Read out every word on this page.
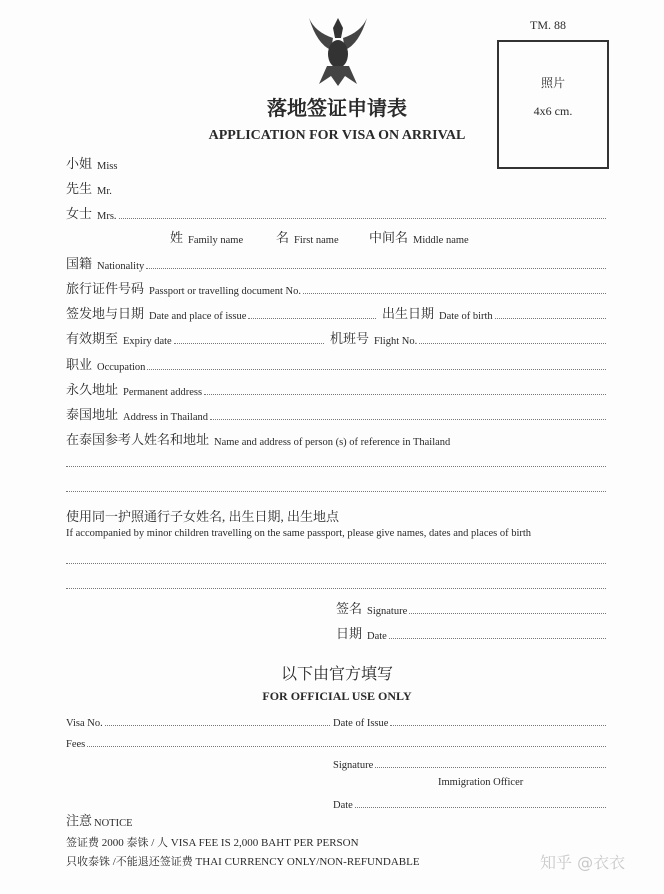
TM. 88
落地签证申请表
APPLICATION FOR VISA ON ARRIVAL
照片
4x6 cm.
小姐 Miss
先生 Mr.
女士 Mrs.
姓 Family name	名 First name 中间名 Middle name
国籍 Nationality
旅行证件号码 Passport or travelling document No.
签发地与日期 Date and place of issue	出生日期 Date of birth
有效期至 Expiry date	机班号 Flight No.
职业 Occupation
永久地址 Permanent address
泰国地址 Address in Thailand
在泰国参考人姓名和地址 Name and address of person (s) of reference in Thailand
使用同一护照通行子女姓名, 出生日期, 出生地点
If accompanied by minor children travelling on the same passport, please give names, dates and places of birth
签名 Signature
日期 Date
以下由官方填写
FOR OFFICIAL USE ONLY
Visa No.	Date of Issue
Fees
Signature
Immigration Officer
Date
注意 NOTICE
签证费 2000 泰铢 / 人 VISA FEE IS 2,000 BAHT PER PERSON
只收泰铢 /不能退还签证费 THAI CURRENCY ONLY/NON-REFUNDABLE	知乎 @衣衣
